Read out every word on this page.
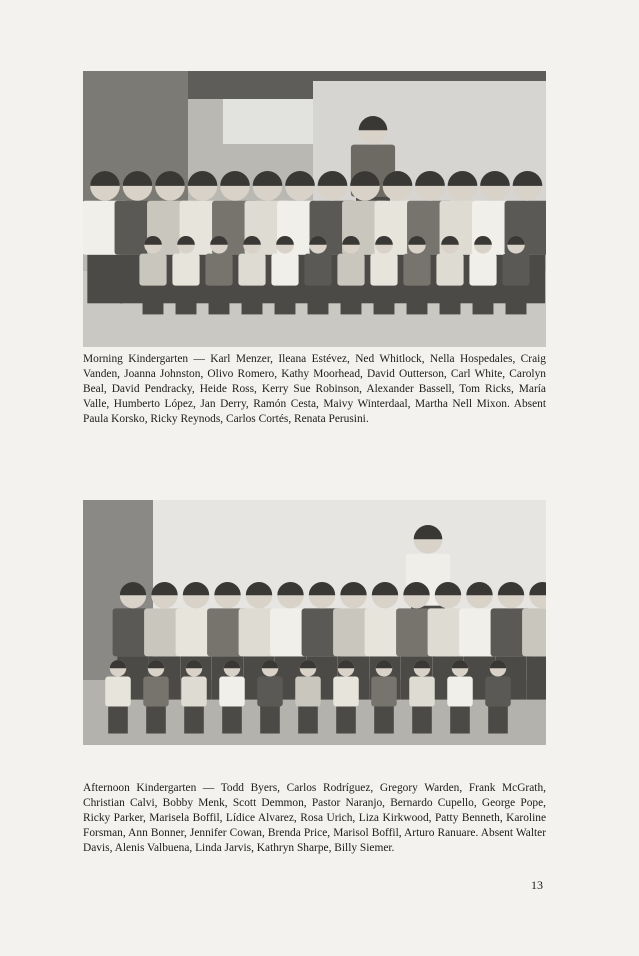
Morning Kindergarten — Karl Menzer, Ileana Estévez, Ned Whitlock, Nella Hospedales, Craig Vanden, Joanna Johnston, Olivo Romero, Kathy Moorhead, David Outterson, Carl White, Carolyn Beal, David Pendracky, Heide Ross, Kerry Sue Robinson, Alexander Bassell, Tom Ricks, María Valle, Humberto López, Jan Derry, Ramón Cesta, Maivy Winterdaal, Martha Nell Mixon. Absent Paula Korsko, Ricky Reynods, Carlos Cortés, Renata Perusini.

Afternoon Kindergarten — Todd Byers, Carlos Rodríguez, Gregory Warden, Frank McGrath, Christian Calvi, Bobby Menk, Scott Demmon, Pastor Naranjo, Bernardo Cupello, George Pope, Ricky Parker, Marisela Boffil, Lídice Alvarez, Rosa Urich, Liza Kirkwood, Patty Benneth, Karoline Forsman, Ann Bonner, Jennifer Cowan, Brenda Price, Marisol Boffil, Arturo Ranuare. Absent Walter Davis, Alenis Valbuena, Linda Jarvis, Kathryn Sharpe, Billy Siemer.

13
